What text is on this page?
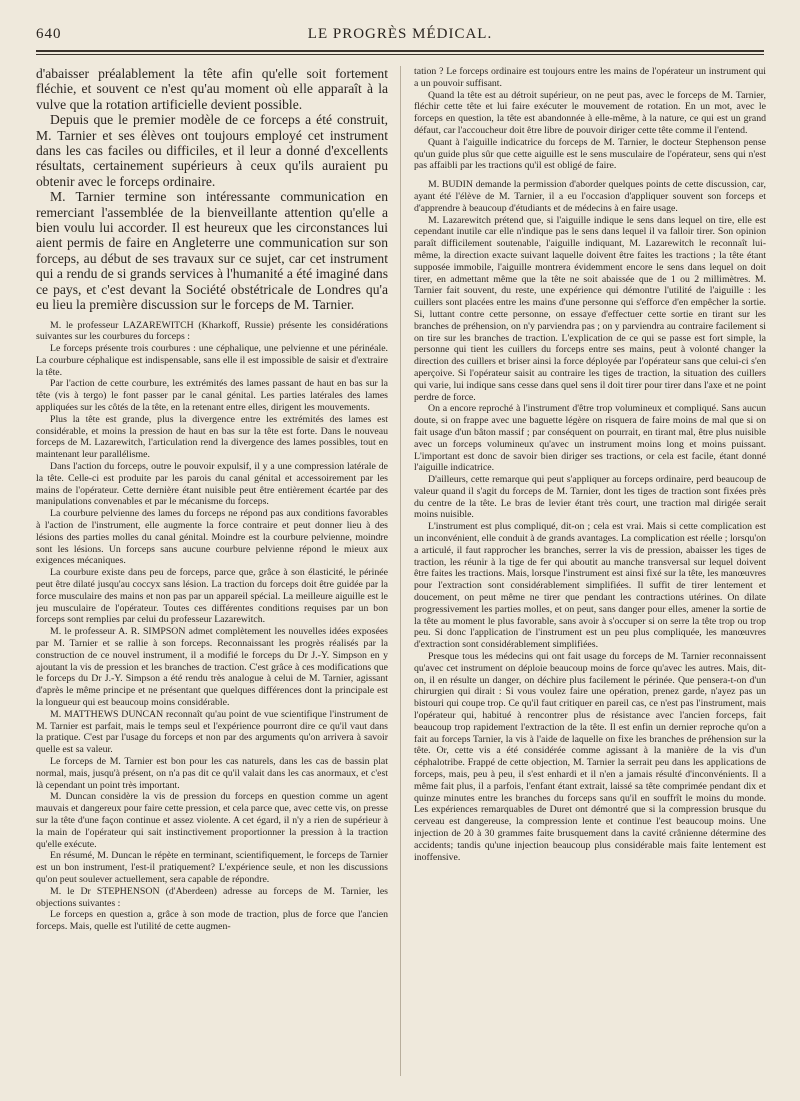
640	LE PROGRÈS MÉDICAL.

d'abaisser préalablement la tête afin qu'elle soit fortement fléchie, et souvent ce n'est qu'au moment où elle apparaît à la vulve que la rotation artificielle devient possible.

Depuis que le premier modèle de ce forceps a été construit, M. Tarnier et ses élèves ont toujours employé cet instrument dans les cas faciles ou difficiles, et il leur a donné d'excellents résultats, certainement supérieurs à ceux qu'ils auraient pu obtenir avec le forceps ordinaire.

M. Tarnier termine son intéressante communication en remerciant l'assemblée de la bienveillante attention qu'elle a bien voulu lui accorder. Il est heureux que les circonstances lui aient permis de faire en Angleterre une communication sur son forceps, au début de ses travaux sur ce sujet, car cet instrument qui a rendu de si grands services à l'humanité a été imaginé dans ce pays, et c'est devant la Société obstétricale de Londres qu'a eu lieu la première discussion sur le forceps de M. Tarnier.

M. le professeur LAZAREWITCH (Kharkoff, Russie) présente les considérations suivantes sur les courbures du forceps :

Le forceps présente trois courbures : une céphalique, une pelvienne et une périnéale. La courbure céphalique est indispensable, sans elle il est impossible de saisir et d'extraire la tête.

Par l'action de cette courbure, les extrémités des lames passant de haut en bas sur la tête (vis à tergo) le font passer par le canal génital. Les parties latérales des lames appliquées sur les côtés de la tête, en la retenant entre elles, dirigent les mouvements.

Plus la tête est grande, plus la divergence entre les extrémités des lames est considérable, et moins la pression de haut en bas sur la tête est forte. Dans le nouveau forceps de M. Lazarewitch, l'articulation rend la divergence des lames possibles, tout en maintenant leur parallélisme.

Dans l'action du forceps, outre le pouvoir expulsif, il y a une compression latérale de la tête. Celle-ci est produite par les parois du canal génital et accessoirement par les mains de l'opérateur. Cette dernière étant nuisible peut être entièrement écartée par des manipulations convenables et par le mécanisme du forceps.

La courbure pelvienne des lames du forceps ne répond pas aux conditions favorables à l'action de l'instrument, elle augmente la force contraire et peut donner lieu à des lésions des parties molles du canal génital. Moindre est la courbure pelvienne, moindre sont les lésions. Un forceps sans aucune courbure pelvienne répond le mieux aux exigences mécaniques.

La courbure existe dans peu de forceps, parce que, grâce à son élasticité, le périnée peut être dilaté jusqu'au coccyx sans lésion. La traction du forceps doit être guidée par la force musculaire des mains et non pas par un appareil spécial. La meilleure aiguille est le jeu musculaire de l'opérateur. Toutes ces différentes conditions requises par un bon forceps sont remplies par celui du professeur Lazarewitch.

M. le professeur A. R. SIMPSON admet complètement les nouvelles idées exposées par M. Tarnier et se rallie à son forceps. Reconnaissant les progrès réalisés par la construction de ce nouvel instrument, il a modifié le forceps du Dr J.-Y. Simpson en y ajoutant la vis de pression et les branches de traction. C'est grâce à ces modifications que le forceps du Dr J.-Y. Simpson a été rendu très analogue à celui de M. Tarnier, agissant d'après le même principe et ne présentant que quelques différences dont la principale est la longueur qui est beaucoup moins considérable.

M. MATTHEWS DUNCAN reconnaît qu'au point de vue scientifique l'instrument de M. Tarnier est parfait, mais le temps seul et l'expérience pourront dire ce qu'il vaut dans la pratique. C'est par l'usage du forceps et non par des arguments qu'on arrivera à savoir quelle est sa valeur.

Le forceps de M. Tarnier est bon pour les cas naturels, dans les cas de bassin plat normal, mais, jusqu'à présent, on n'a pas dit ce qu'il valait dans les cas anormaux, et c'est là cependant un point très important.

M. Duncan considère la vis de pression du forceps en question comme un agent mauvais et dangereux pour faire cette pression, et cela parce que, avec cette vis, on presse sur la tête d'une façon continue et assez violente. A cet égard, il n'y a rien de supérieur à la main de l'opérateur qui sait instinctivement proportionner la pression à la traction qu'elle exécute.

En résumé, M. Duncan le répète en terminant, scientifiquement, le forceps de Tarnier est un bon instrument, l'est-il pratiquement? L'expérience seule, et non les discussions qu'on peut soulever actuellement, sera capable de répondre.

M. le Dr STEPHENSON (d'Aberdeen) adresse au forceps de M. Tarnier, les objections suivantes :

Le forceps en question a, grâce à son mode de traction, plus de force que l'ancien forceps. Mais, quelle est l'utilité de cette augmen-

tation ? Le forceps ordinaire est toujours entre les mains de l'opérateur un instrument qui a un pouvoir suffisant.

Quand la tête est au détroit supérieur, on ne peut pas, avec le forceps de M. Tarnier, fléchir cette tête et lui faire exécuter le mouvement de rotation. En un mot, avec le forceps en question, la tête est abandonnée à elle-même, à la nature, ce qui est un grand défaut, car l'accoucheur doit être libre de pouvoir diriger cette tête comme il l'entend.

Quant à l'aiguille indicatrice du forceps de M. Tarnier, le docteur Stephenson pense qu'un guide plus sûr que cette aiguille est le sens musculaire de l'opérateur, sens qui n'est pas affaibli par les tractions qu'il est obligé de faire.

M. BUDIN demande la permission d'aborder quelques points de cette discussion, car, ayant été l'élève de M. Tarnier, il a eu l'occasion d'appliquer souvent son forceps et d'apprendre à beaucoup d'étudiants et de médecins à en faire usage.

M. Lazarewitch prétend que, si l'aiguille indique le sens dans lequel on tire, elle est cependant inutile car elle n'indique pas le sens dans lequel il va falloir tirer. Son opinion paraît difficilement soutenable, l'aiguille indiquant, M. Lazarewitch le reconnaît lui-même, la direction exacte suivant laquelle doivent être faites les tractions ; la tête étant supposée immobile, l'aiguille montrera évidemment encore le sens dans lequel on doit tirer, en admettant même que la tête ne soit abaissée que de 1 ou 2 millimètres. M. Tarnier fait souvent, du reste, une expérience qui démontre l'utilité de l'aiguille : les cuillers sont placées entre les mains d'une personne qui s'efforce d'en empêcher la sortie. Si, luttant contre cette personne, on essaye d'effectuer cette sortie en tirant sur les branches de préhension, on n'y parviendra pas ; on y parviendra au contraire facilement si on tire sur les branches de traction. L'explication de ce qui se passe est fort simple, la personne qui tient les cuillers du forceps entre ses mains, peut à volonté changer la direction des cuillers et briser ainsi la force déployée par l'opérateur sans que celui-ci s'en aperçoive. Si l'opérateur saisit au contraire les tiges de traction, la situation des cuillers qui varie, lui indique sans cesse dans quel sens il doit tirer pour tirer dans l'axe et ne point perdre de force.

On a encore reproché à l'instrument d'être trop volumineux et compliqué. Sans aucun doute, si on frappe avec une baguette légère on risquera de faire moins de mal que si on fait usage d'un bâton massif ; par conséquent on pourrait, en tirant mal, être plus nuisible avec un forceps volumineux qu'avec un instrument moins long et moins puissant. L'important est donc de savoir bien diriger ses tractions, or cela est facile, étant donné l'aiguille indicatrice.

D'ailleurs, cette remarque qui peut s'appliquer au forceps ordinaire, perd beaucoup de valeur quand il s'agit du forceps de M. Tarnier, dont les tiges de traction sont fixées près du centre de la tête. Le bras de levier étant très court, une traction mal dirigée serait moins nuisible.

L'instrument est plus compliqué, dit-on ; cela est vrai. Mais si cette complication est un inconvénient, elle conduit à de grands avantages. La complication est réelle ; lorsqu'on a articulé, il faut rapprocher les branches, serrer la vis de pression, abaisser les tiges de traction, les réunir à la tige de fer qui aboutit au manche transversal sur lequel doivent être faites les tractions. Mais, lorsque l'instrument est ainsi fixé sur la tête, les manœuvres pour l'extraction sont considérablement simplifiées. Il suffit de tirer lentement et doucement, on peut même ne tirer que pendant les contractions utérines. On dilate progressivement les parties molles, et on peut, sans danger pour elles, amener la sortie de la tête au moment le plus favorable, sans avoir à s'occuper si on serre la tête trop ou trop peu. Si donc l'application de l'instrument est un peu plus compliquée, les manœuvres d'extraction sont considérablement simplifiées.

Presque tous les médecins qui ont fait usage du forceps de M. Tarnier reconnaissent qu'avec cet instrument on déploie beaucoup moins de force qu'avec les autres. Mais, dit-on, il en résulte un danger, on déchire plus facilement le périnée. Que pensera-t-on d'un chirurgien qui dirait : Si vous voulez faire une opération, prenez garde, n'ayez pas un bistouri qui coupe trop. Ce qu'il faut critiquer en pareil cas, ce n'est pas l'instrument, mais l'opérateur qui, habitué à rencontrer plus de résistance avec l'ancien forceps, fait beaucoup trop rapidement l'extraction de la tête. Il est enfin un dernier reproche qu'on a fait au forceps Tarnier, la vis à l'aide de laquelle on fixe les branches de préhension sur la tête. Or, cette vis a été considérée comme agissant à la manière de la vis d'un céphalotribe. Frappé de cette objection, M. Tarnier la serrait peu dans les applications de forceps, mais, peu à peu, il s'est enhardi et il n'en a jamais résulté d'inconvénients. Il a même fait plus, il a parfois, l'enfant étant extrait, laissé sa tête comprimée pendant dix et quinze minutes entre les branches du forceps sans qu'il en souffrît le moins du monde. Les expériences remarquables de Duret ont démontré que si la compression brusque du cerveau est dangereuse, la compression lente et continue l'est beaucoup moins. Une injection de 20 à 30 grammes faite brusquement dans la cavité crânienne détermine des accidents; tandis qu'une injection beaucoup plus considérable mais faite lentement est inoffensive.
